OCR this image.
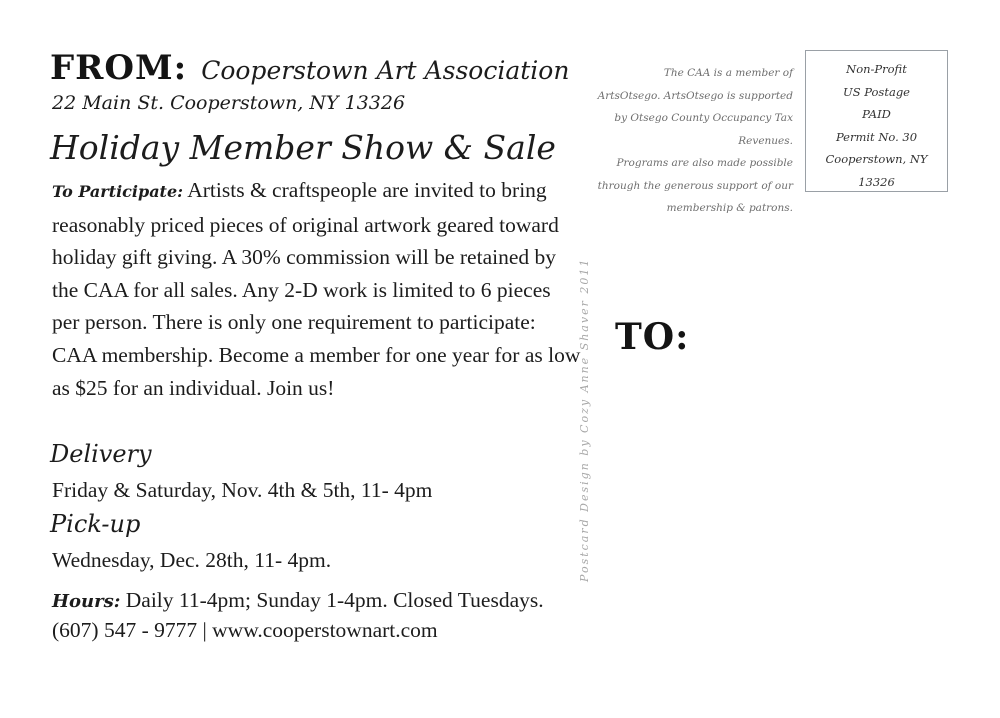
FROM: Cooperstown Art Association
22 Main St. Cooperstown, NY 13326
Holiday Member Show & Sale
To Participate: Artists & craftspeople are invited to bring reasonably priced pieces of original artwork geared toward holiday gift giving. A 30% commission will be retained by the CAA for all sales. Any 2-D work is limited to 6 pieces per person. There is only one requirement to participate: CAA membership. Become a member for one year for as low as $25 for an individual. Join us!
Delivery
Friday & Saturday, Nov. 4th & 5th, 11- 4pm
Pick-up
Wednesday, Dec. 28th, 11- 4pm.
Hours: Daily 11-4pm; Sunday 1-4pm. Closed Tuesdays.
(607) 547 - 9777 | www.cooperstownart.com
Postcard Design by Cozy Anne Shaver 2011
The CAA is a member of
ArtsOtsego. ArtsOtsego is supported
by Otsego County Occupancy Tax Revenues.
Programs are also made possible
through the generous support of our
membership & patrons.
Non-Profit
US Postage
PAID
Permit No. 30
Cooperstown, NY
13326
TO:
